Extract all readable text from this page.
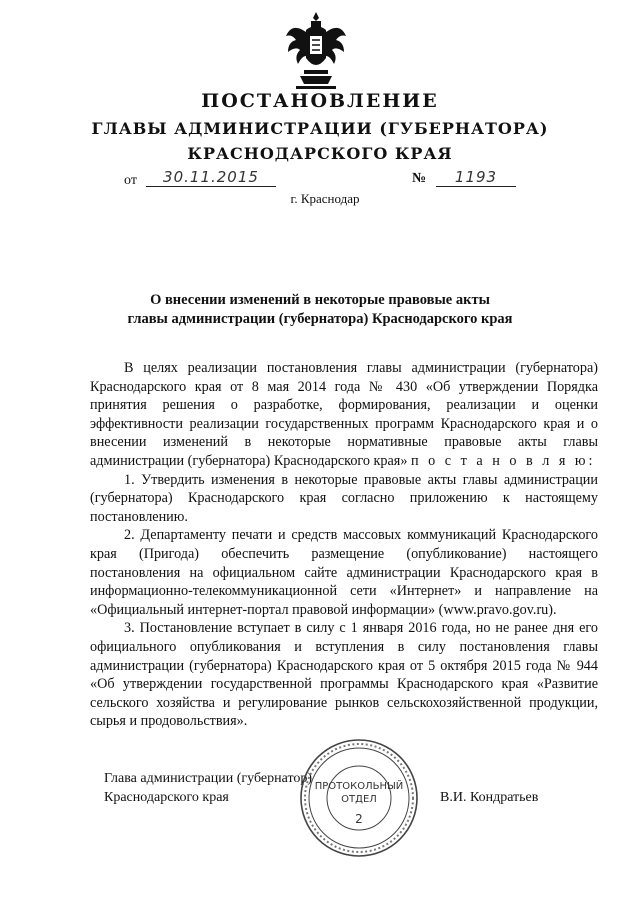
ПОСТАНОВЛЕНИЕ
ГЛАВЫ АДМИНИСТРАЦИИ (ГУБЕРНАТОРА)
КРАСНОДАРСКОГО КРАЯ
от	30.11.2015	№	1193
г. Краснодар
О внесении изменений в некоторые правовые акты
главы администрации (губернатора) Краснодарского края

В целях реализации постановления главы администрации (губернатора) Краснодарского края от 8 мая 2014 года № 430 «Об утверждении Порядка принятия решения о разработке, формирования, реализации и оценки эффективности реализации государственных программ Краснодарского края и о внесении изменений в некоторые нормативные правовые акты главы администрации (губернатора) Краснодарского края» п о с т а н о в л я ю:

1. Утвердить изменения в некоторые правовые акты главы администрации (губернатора) Краснодарского края согласно приложению к настоящему постановлению.

2. Департаменту печати и средств массовых коммуникаций Краснодарского края (Пригода) обеспечить размещение (опубликование) настоящего постановления на официальном сайте администрации Краснодарского края в информационно-телекоммуникационной сети «Интернет» и направление на «Официальный интернет-портал правовой информации» (www.pravo.gov.ru).

3. Постановление вступает в силу с 1 января 2016 года, но не ранее дня его официального опубликования и вступления в силу постановления главы администрации (губернатора) Краснодарского края от 5 октября 2015 года № 944 «Об утверждении государственной программы Краснодарского края «Развитие сельского хозяйства и регулирование рынков сельскохозяйственной продукции, сырья и продовольствия».

Глава администрации (губернатор)
Краснодарского края	В.И. Кондратьев
ПРОТОКОЛЬНЫЙ
ОТДЕЛ
2
